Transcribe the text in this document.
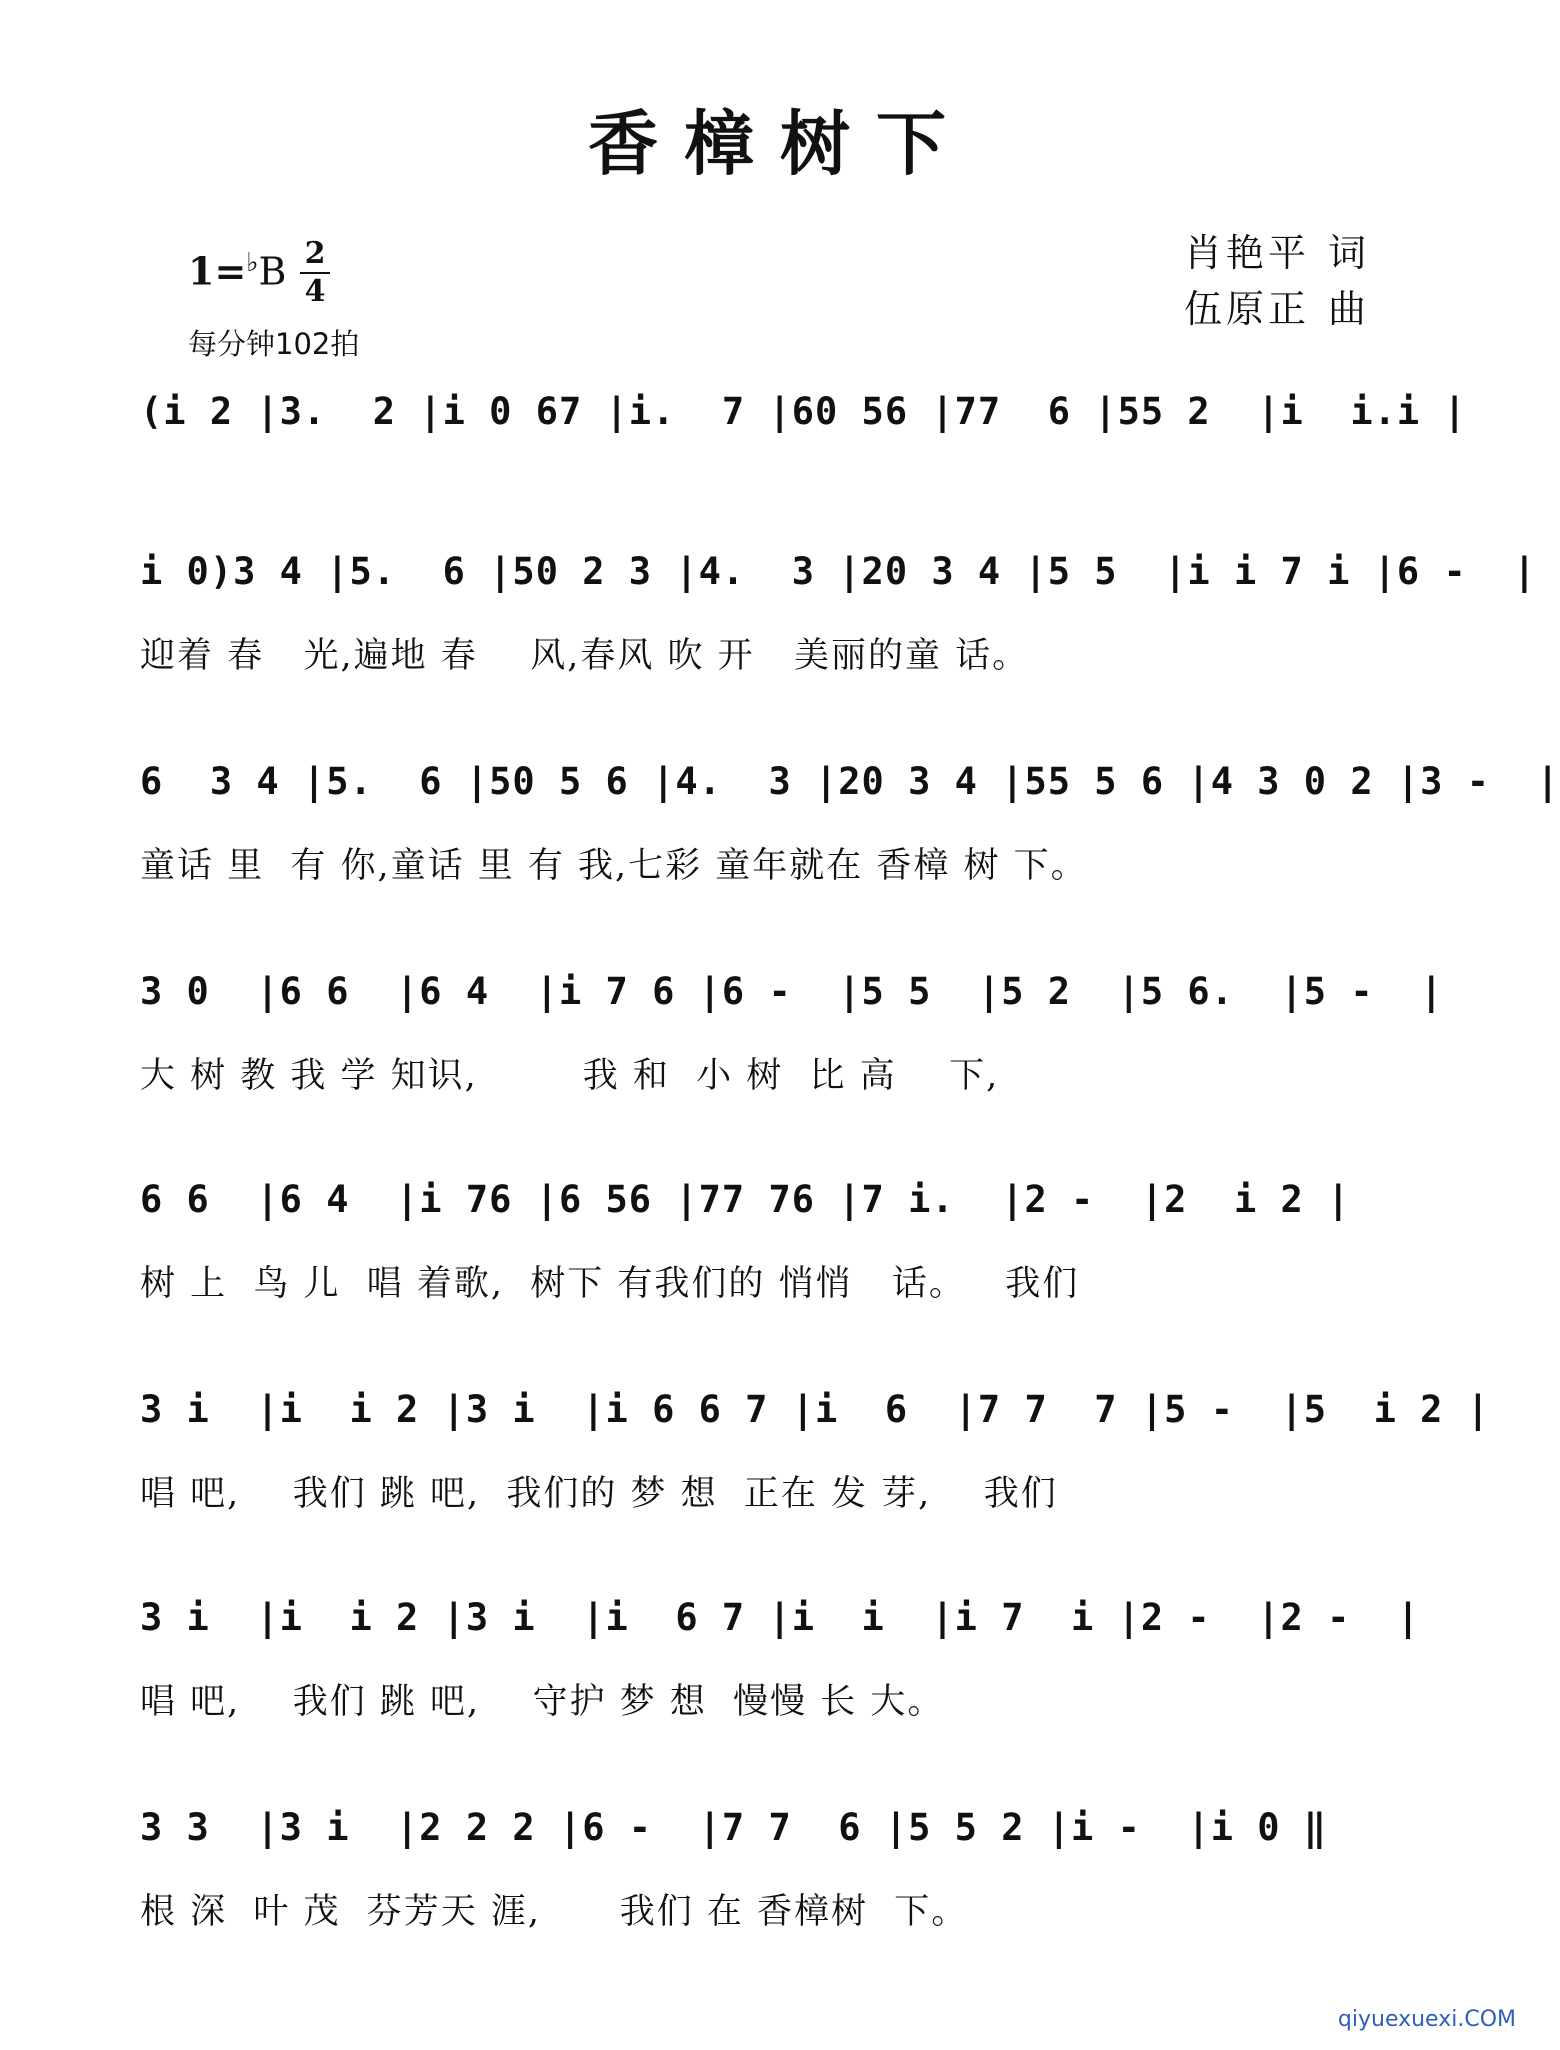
香樟树下
1=♭B 2
4
每分钟102拍
肖艳平 词
伍原正 曲
(i 2 |3.  2 |i 0 67 |i.  7 |60 56 |77  6 |55 2  |i  i.i |
i 0)3 4 |5.  6 |50 2 3 |4.  3 |20 3 4 |5 5  |i i 7 i |6 -  |
迎着 春   光,遍地 春    风,春风 吹 开   美丽的童 话。
6  3 4 |5.  6 |50 5 6 |4.  3 |20 3 4 |55 5 6 |4 3 0 2 |3 -  |
童话 里  有 你,童话 里 有 我,七彩 童年就在 香樟 树 下。
3 0  |6 6  |6 4  |i 7 6 |6 -  |5 5  |5 2  |5 6.  |5 -  |
大 树 教 我 学 知识,        我 和  小 树  比 高    下,
6 6  |6 4  |i 76 |6 56 |77 76 |7 i.  |2 -  |2  i 2 |
树 上  鸟 儿  唱 着歌,  树下 有我们的 悄悄   话。   我们
3 i  |i  i 2 |3 i  |i 6 6 7 |i  6  |7 7  7 |5 -  |5  i 2 |
唱 吧,    我们 跳 吧,  我们的 梦 想  正在 发 芽,    我们
3 i  |i  i 2 |3 i  |i  6 7 |i  i  |i 7  i |2 -  |2 -  |
唱 吧,    我们 跳 吧,    守护 梦 想  慢慢 长 大。
3 3  |3 i  |2 2 2 |6 -  |7 7  6 |5 5 2 |i -  |i 0 ‖
根 深  叶 茂  芬芳天 涯,      我们 在 香樟树  下。
qiyuexuexi.COM
